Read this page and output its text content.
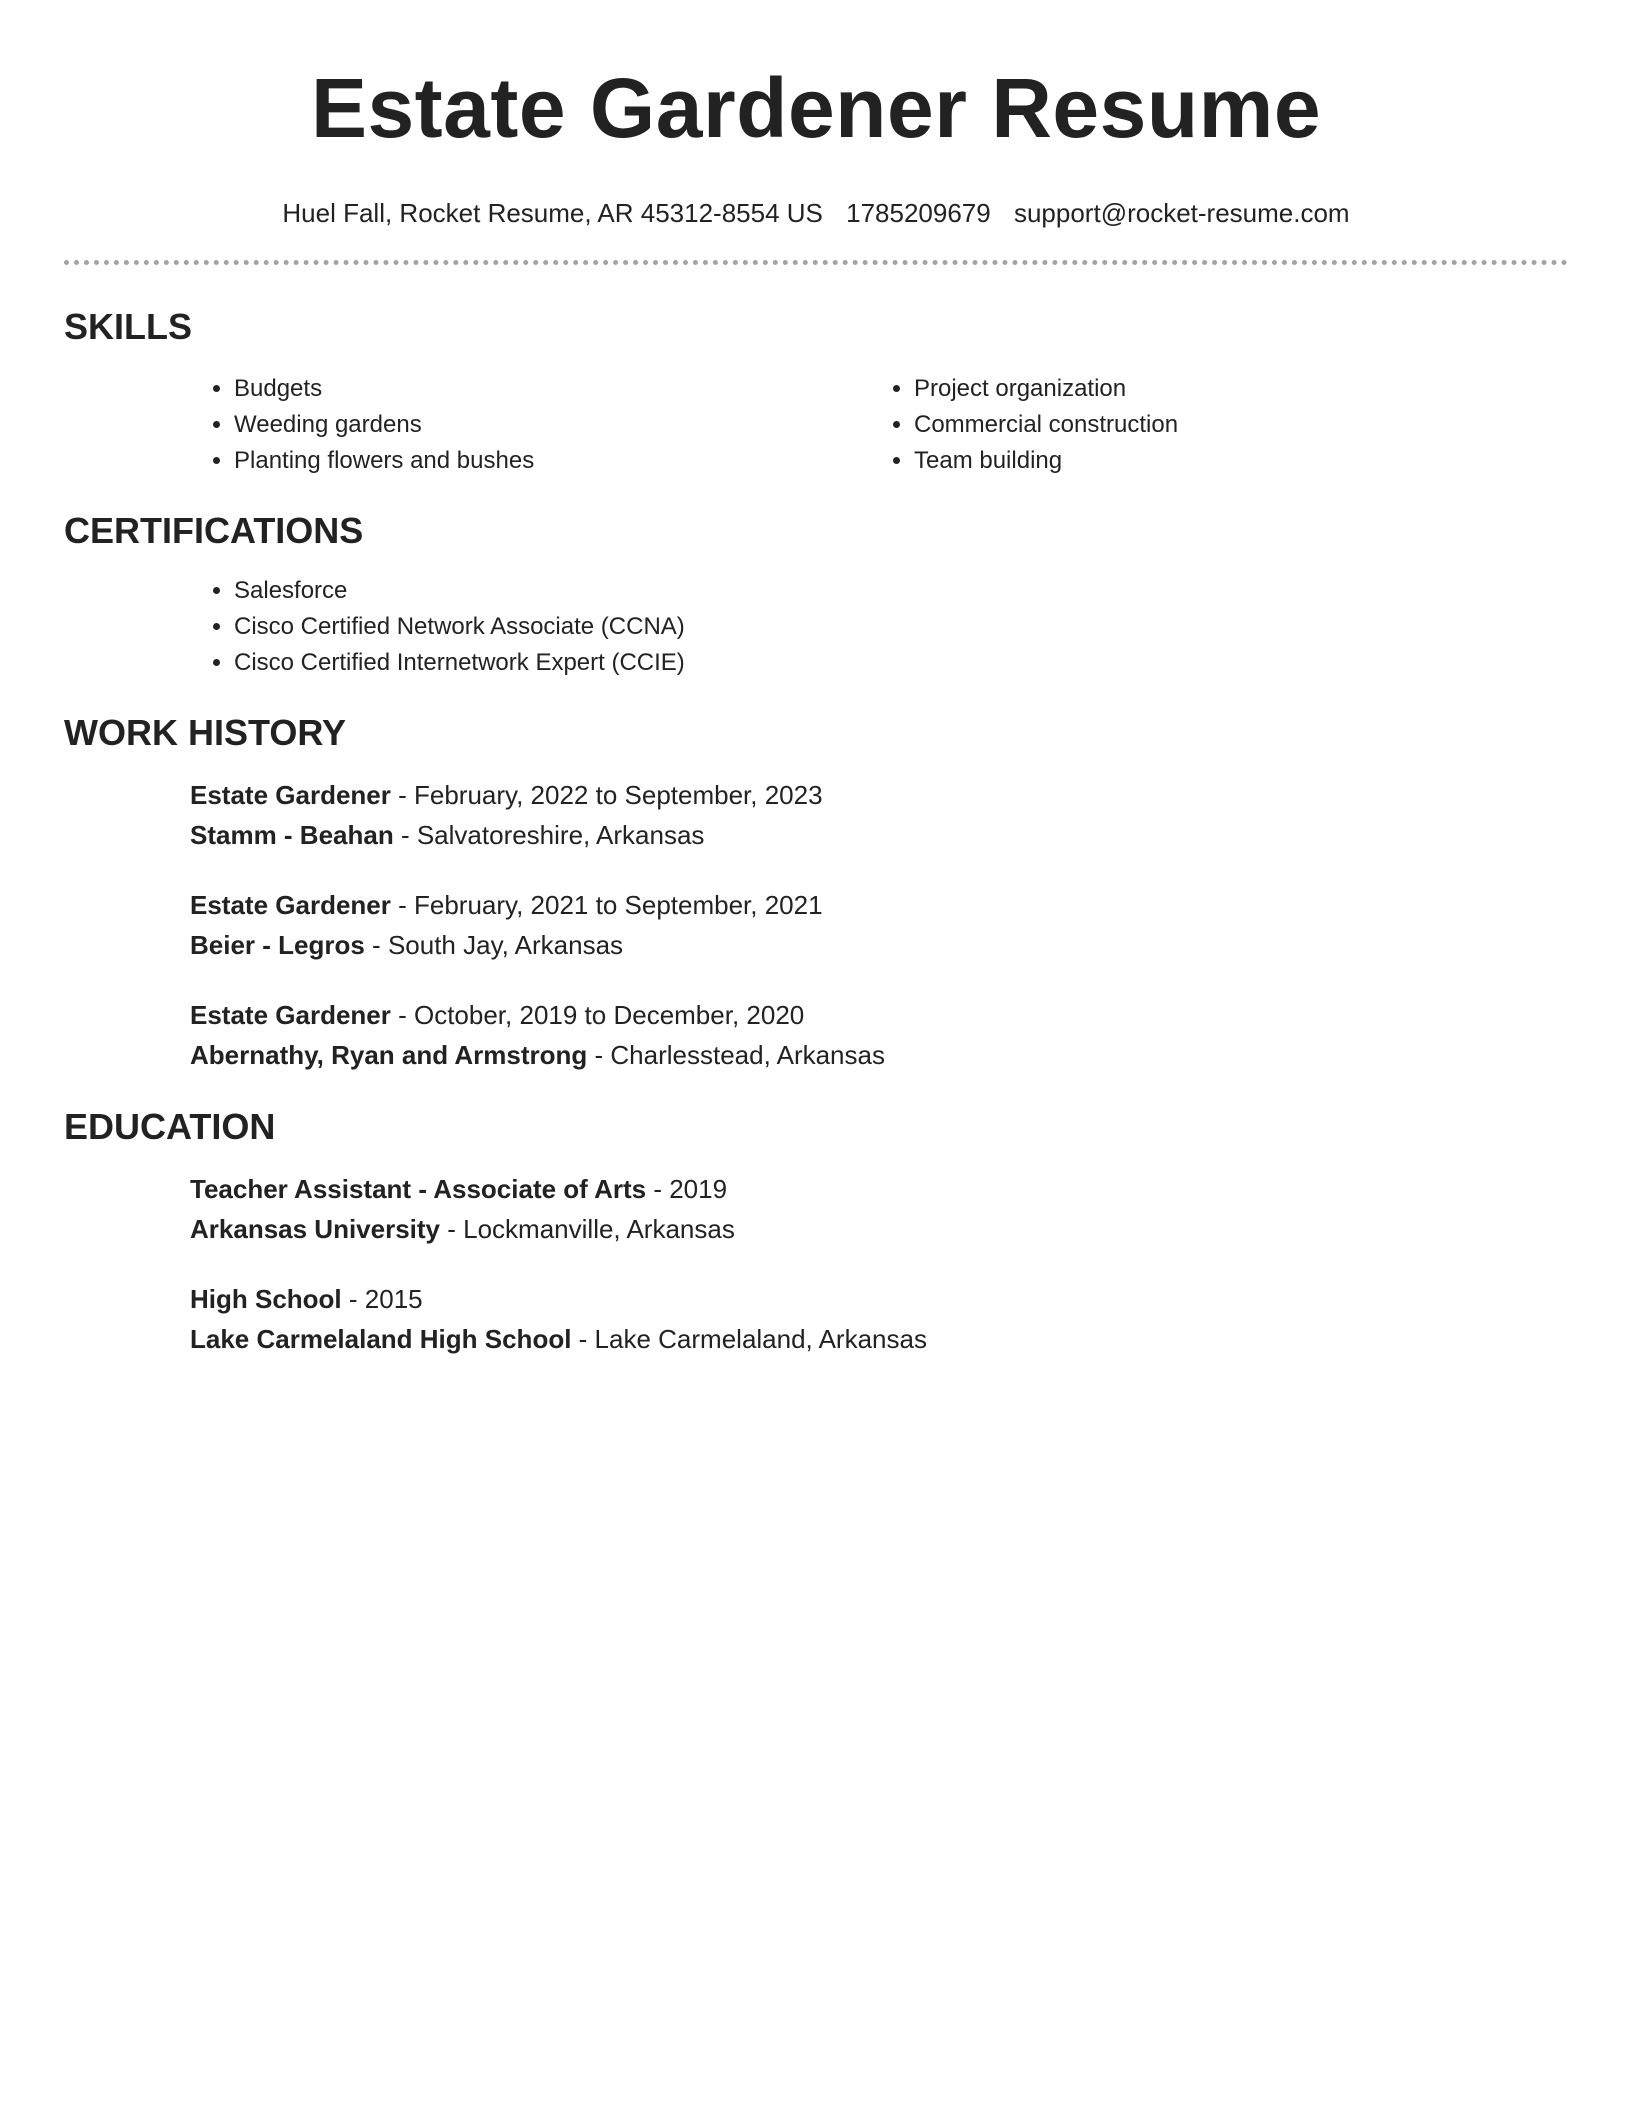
Estate Gardener Resume
Huel Fall, Rocket Resume, AR 45312-8554 US 1785209679 support@rocket-resume.com
SKILLS
• Budgets
• Weeding gardens
• Planting flowers and bushes
• Project organization
• Commercial construction
• Team building
CERTIFICATIONS
• Salesforce
• Cisco Certified Network Associate (CCNA)
• Cisco Certified Internetwork Expert (CCIE)
WORK HISTORY
Estate Gardener - February, 2022 to September, 2023
Stamm - Beahan - Salvatoreshire, Arkansas
Estate Gardener - February, 2021 to September, 2021
Beier - Legros - South Jay, Arkansas
Estate Gardener - October, 2019 to December, 2020
Abernathy, Ryan and Armstrong - Charlesstead, Arkansas
EDUCATION
Teacher Assistant - Associate of Arts - 2019
Arkansas University - Lockmanville, Arkansas
High School - 2015
Lake Carmelaland High School - Lake Carmelaland, Arkansas
